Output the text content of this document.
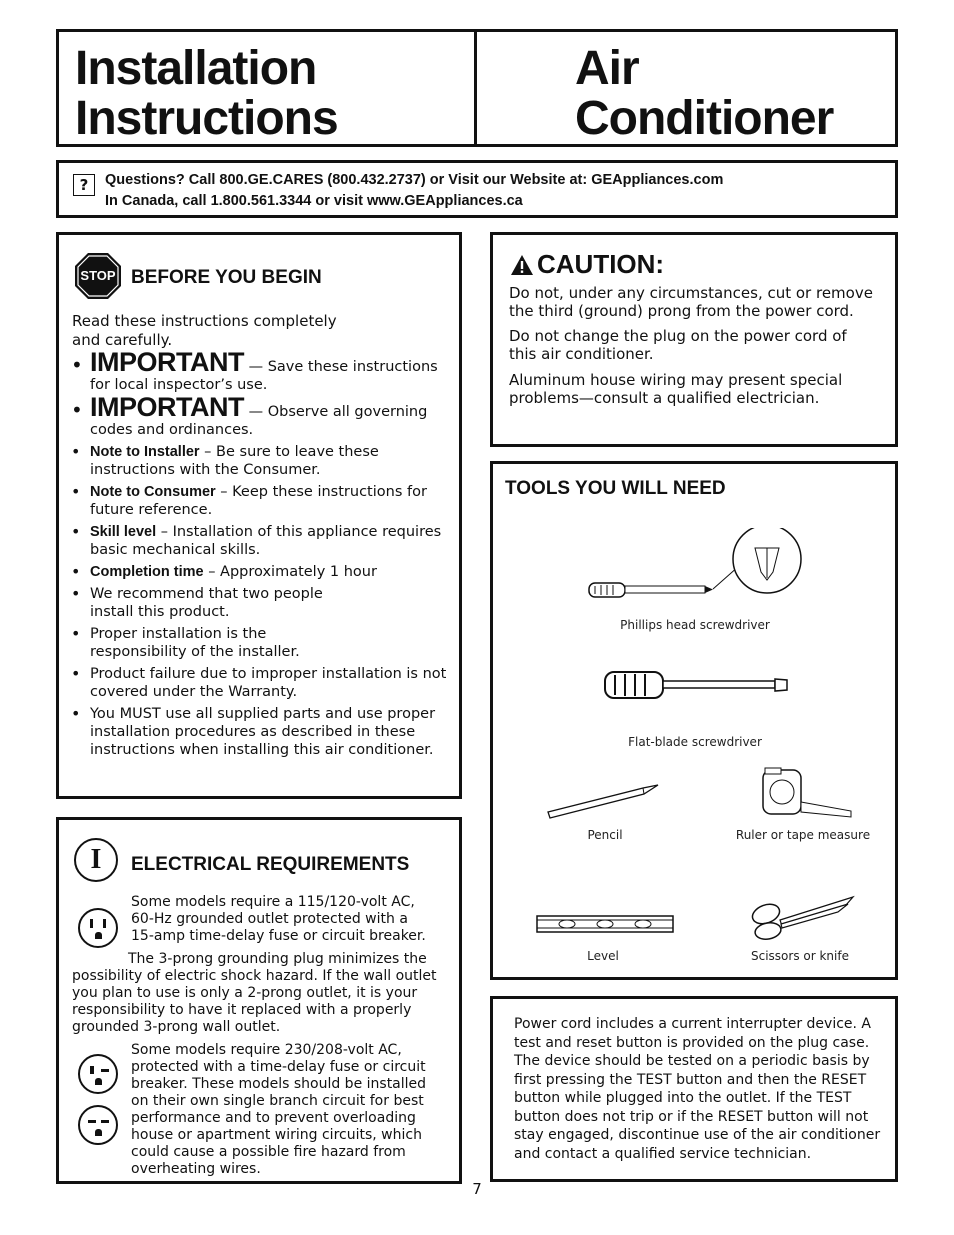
Installation
Instructions
Air Conditioner
?	Questions? Call 800.GE.CARES (800.432.2737) or Visit our Website at: GEAppliances.com
In Canada, call 1.800.561.3344 or visit www.GEAppliances.ca
STOP BEFORE YOU BEGIN
Read these instructions completely and carefully.
• IMPORTANT — Save these instructions for local inspector’s use.
• IMPORTANT — Observe all governing codes and ordinances.
• Note to Installer – Be sure to leave these instructions with the Consumer.
• Note to Consumer – Keep these instructions for future reference.
• Skill level – Installation of this appliance requires basic mechanical skills.
• Completion time – Approximately 1 hour
• We recommend that two people install this product.
• Proper installation is the responsibility of the installer.
• Product failure due to improper installation is not covered under the Warranty.
• You MUST use all supplied parts and use proper installation procedures as described in these instructions when installing this air conditioner.
CAUTION:
Do not, under any circumstances, cut or remove the third (ground) prong from the power cord.
Do not change the plug on the power cord of this air conditioner.
Aluminum house wiring may present special problems—consult a qualified electrician.
TOOLS YOU WILL NEED
Phillips head screwdriver
Flat-blade screwdriver
Pencil	Ruler or tape measure
Level	Scissors or knife
I	ELECTRICAL REQUIREMENTS
Some models require a 115/120-volt AC, 60-Hz grounded outlet protected with a 15-amp time-delay fuse or circuit breaker.
The 3-prong grounding plug minimizes the possibility of electric shock hazard. If the wall outlet you plan to use is only a 2-prong outlet, it is your responsibility to have it replaced with a properly grounded 3-prong wall outlet.
Some models require 230/208-volt AC, protected with a time-delay fuse or circuit breaker. These models should be installed on their own single branch circuit for best performance and to prevent overloading house or apartment wiring circuits, which could cause a possible fire hazard from overheating wires.
Power cord includes a current interrupter device. A test and reset button is provided on the plug case. The device should be tested on a periodic basis by first pressing the TEST button and then the RESET button while plugged into the outlet. If the TEST button does not trip or if the RESET button will not stay engaged, discontinue use of the air conditioner and contact a qualified service technician.
7
